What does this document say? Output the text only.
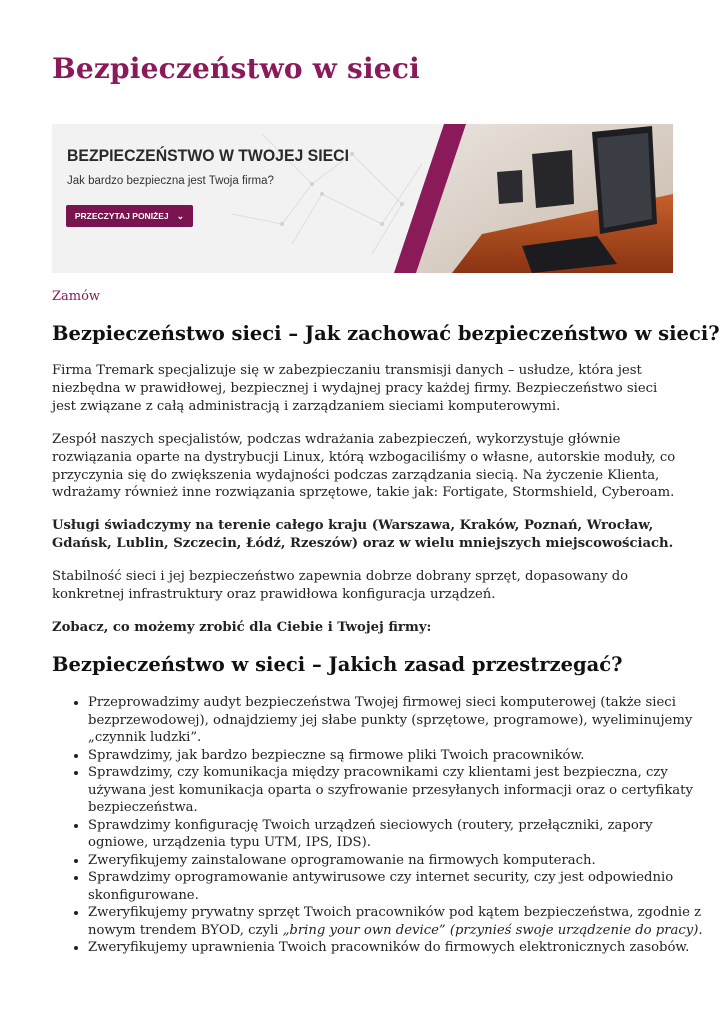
Bezpieczeństwo w sieci
BEZPIECZEŃSTWO W TWOJEJ SIECI
Jak bardzo bezpieczna jest Twoja firma?
PRZECZYTAJ PONIŻEJ ⌄
Zamów
Bezpieczeństwo sieci – Jak zachować bezpieczeństwo w sieci?

Firma Tremark specjalizuje się w zabezpieczaniu transmisji danych – usłudze, która jest niezbędna w prawidłowej, bezpiecznej i wydajnej pracy każdej firmy. Bezpieczeństwo sieci jest związane z całą administracją i zarządzaniem sieciami komputerowymi.

Zespół naszych specjalistów, podczas wdrażania zabezpieczeń, wykorzystuje głównie rozwiązania oparte na dystrybucji Linux, którą wzbogaciliśmy o własne, autorskie moduły, co przyczynia się do zwiększenia wydajności podczas zarządzania siecią. Na życzenie Klienta, wdrażamy również inne rozwiązania sprzętowe, takie jak: Fortigate, Stormshield, Cyberoam.

Usługi świadczymy na terenie całego kraju (Warszawa, Kraków, Poznań, Wrocław, Gdańsk, Lublin, Szczecin, Łódź, Rzeszów) oraz w wielu mniejszych miejscowościach.

Stabilność sieci i jej bezpieczeństwo zapewnia dobrze dobrany sprzęt, dopasowany do konkretnej infrastruktury oraz prawidłowa konfiguracja urządzeń.

Zobacz, co możemy zrobić dla Ciebie i Twojej firmy:

Bezpieczeństwo w sieci – Jakich zasad przestrzegać?
• Przeprowadzimy audyt bezpieczeństwa Twojej firmowej sieci komputerowej (także sieci bezprzewodowej), odnajdziemy jej słabe punkty (sprzętowe, programowe), wyeliminujemy „czynnik ludzki”.
• Sprawdzimy, jak bardzo bezpieczne są firmowe pliki Twoich pracowników.
• Sprawdzimy, czy komunikacja między pracownikami czy klientami jest bezpieczna, czy używana jest komunikacja oparta o szyfrowanie przesyłanych informacji oraz o certyfikaty bezpieczeństwa.
• Sprawdzimy konfigurację Twoich urządzeń sieciowych (routery, przełączniki, zapory ogniowe, urządzenia typu UTM, IPS, IDS).
• Zweryfikujemy zainstalowane oprogramowanie na firmowych komputerach.
• Sprawdzimy oprogramowanie antywirusowe czy internet security, czy jest odpowiednio skonfigurowane.
• Zweryfikujemy prywatny sprzęt Twoich pracowników pod kątem bezpieczeństwa, zgodnie z nowym trendem BYOD, czyli „bring your own device” (przynieś swoje urządzenie do pracy).
• Zweryfikujemy uprawnienia Twoich pracowników do firmowych elektronicznych zasobów.
